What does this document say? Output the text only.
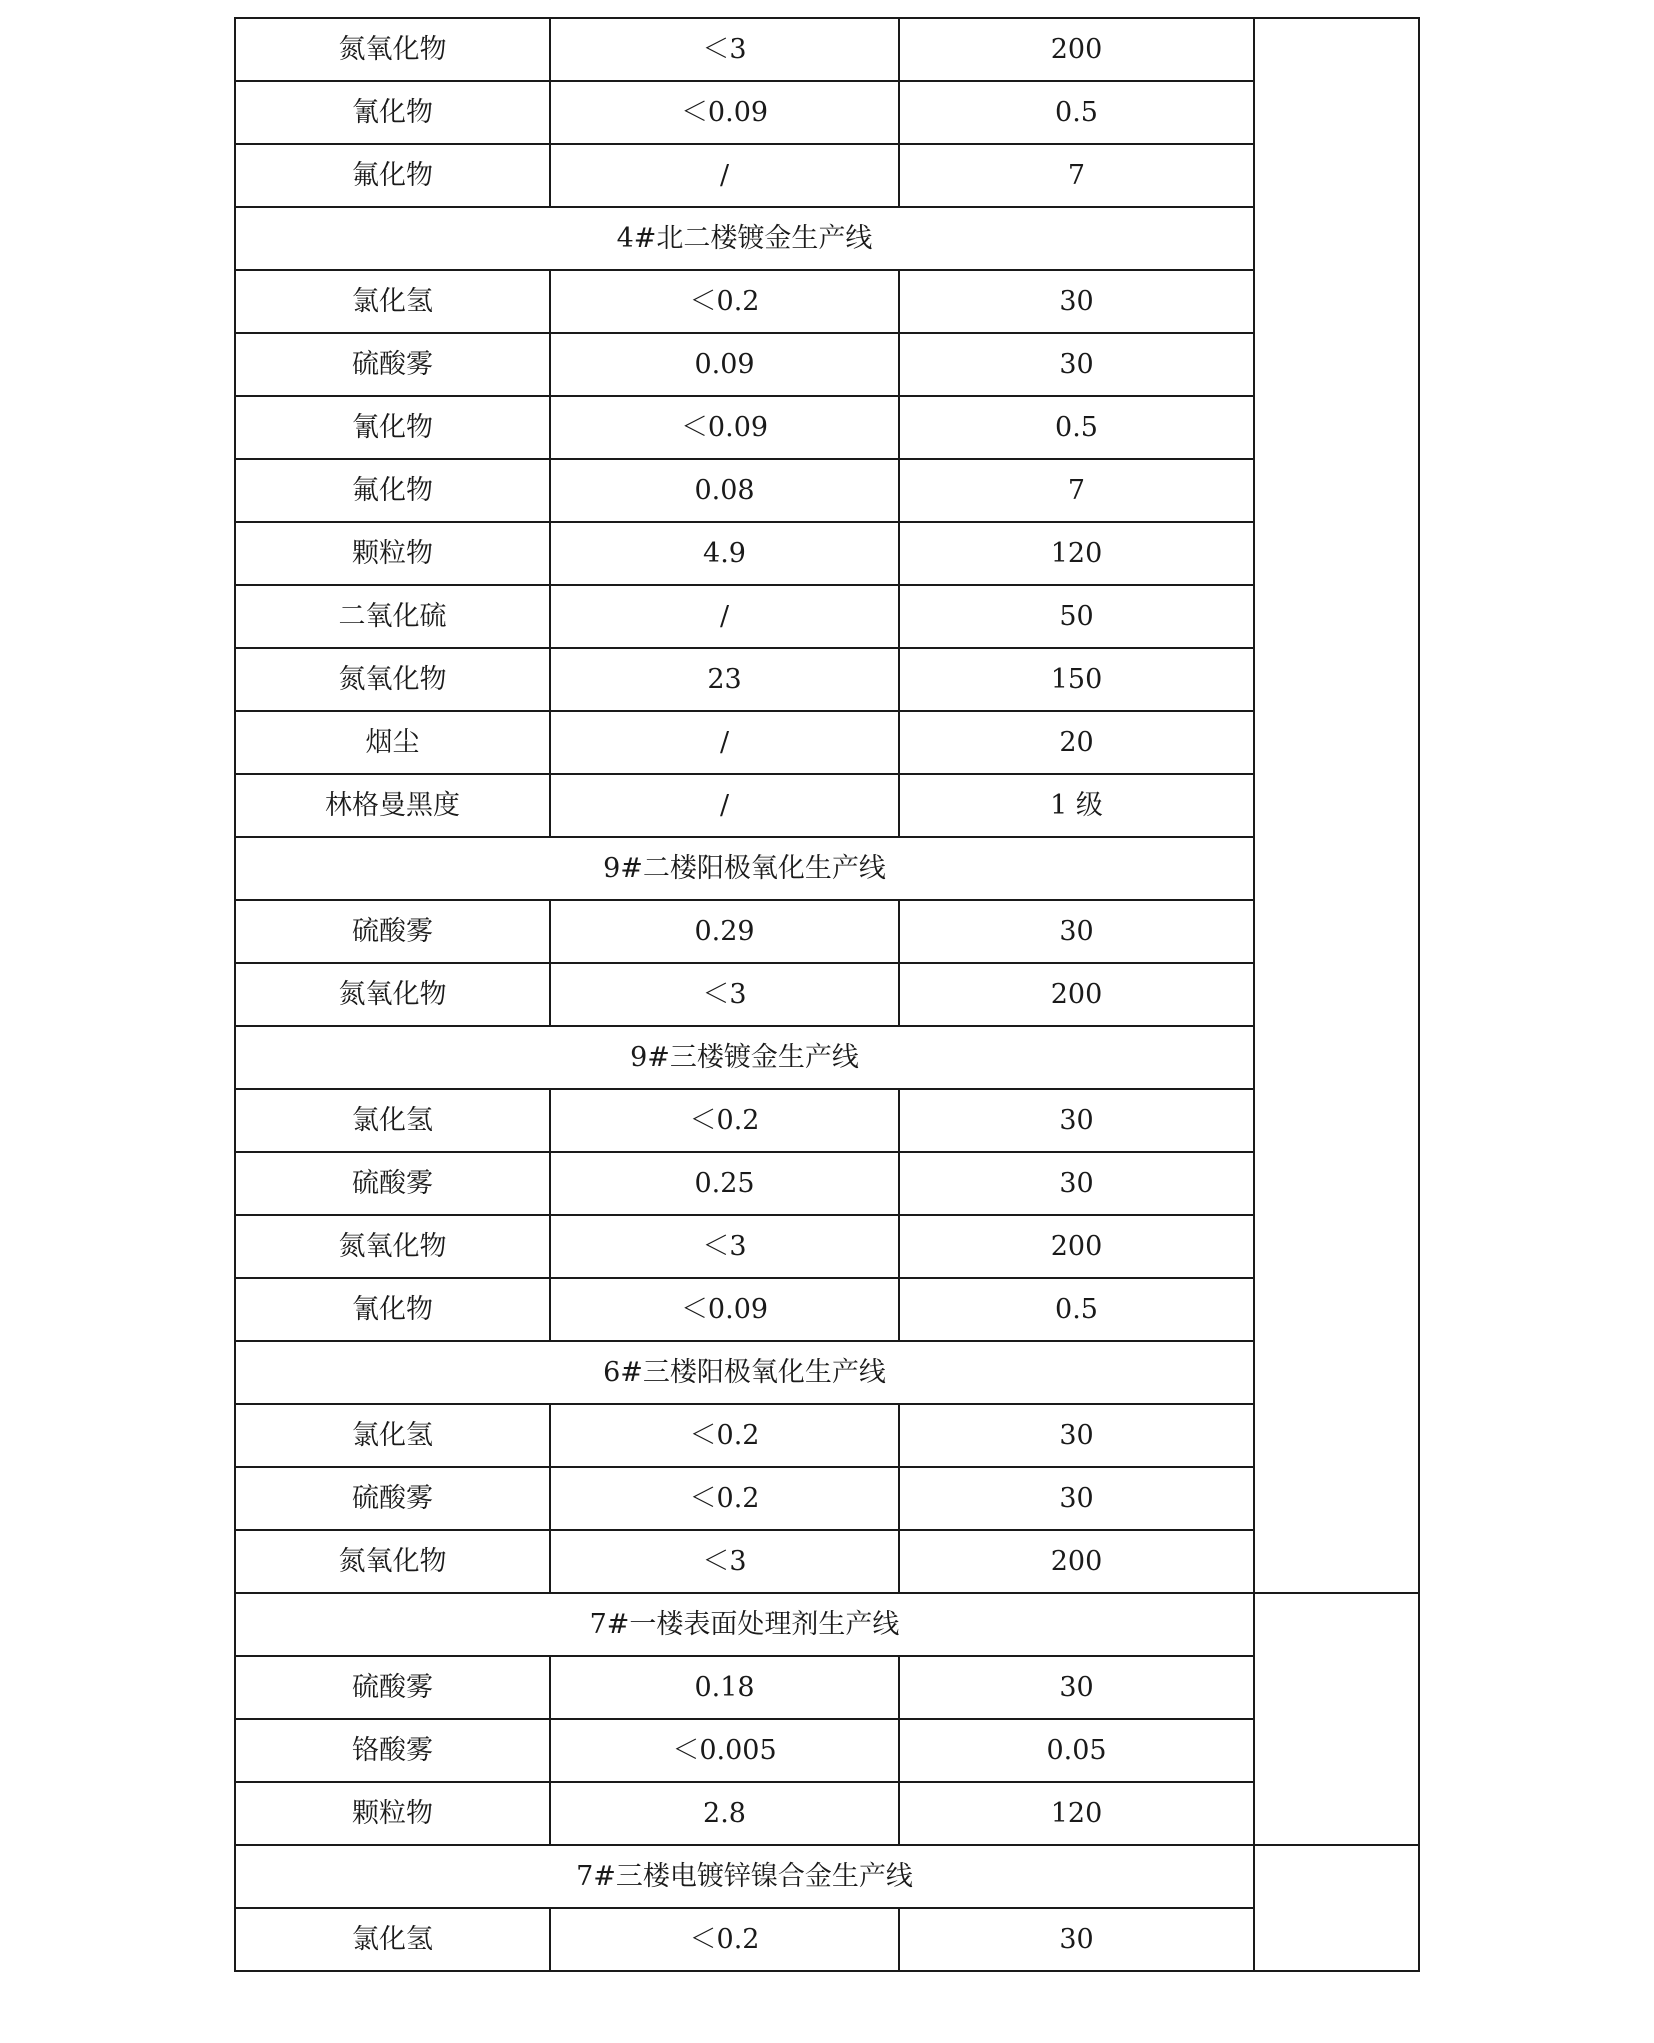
氮氧化物	＜3	200	
氰化物	＜0.09	0.5	
氟化物	/	7	
4#北二楼镀金生产线			
氯化氢	＜0.2	30	
硫酸雾	0.09	30	
氰化物	＜0.09	0.5	
氟化物	0.08	7	
颗粒物	4.9	120	
二氧化硫	/	50	
氮氧化物	23	150	
烟尘	/	20	
林格曼黑度	/	1 级	
9#二楼阳极氧化生产线			
硫酸雾	0.29	30	
氮氧化物	＜3	200	
9#三楼镀金生产线			
氯化氢	＜0.2	30	
硫酸雾	0.25	30	
氮氧化物	＜3	200	
氰化物	＜0.09	0.5	
6#三楼阳极氧化生产线			
氯化氢	＜0.2	30	
硫酸雾	＜0.2	30	
氮氧化物	＜3	200	
7#一楼表面处理剂生产线			
硫酸雾	0.18	30	
铬酸雾	＜0.005	0.05	
颗粒物	2.8	120	
7#三楼电镀锌镍合金生产线			
氯化氢	＜0.2	30	
